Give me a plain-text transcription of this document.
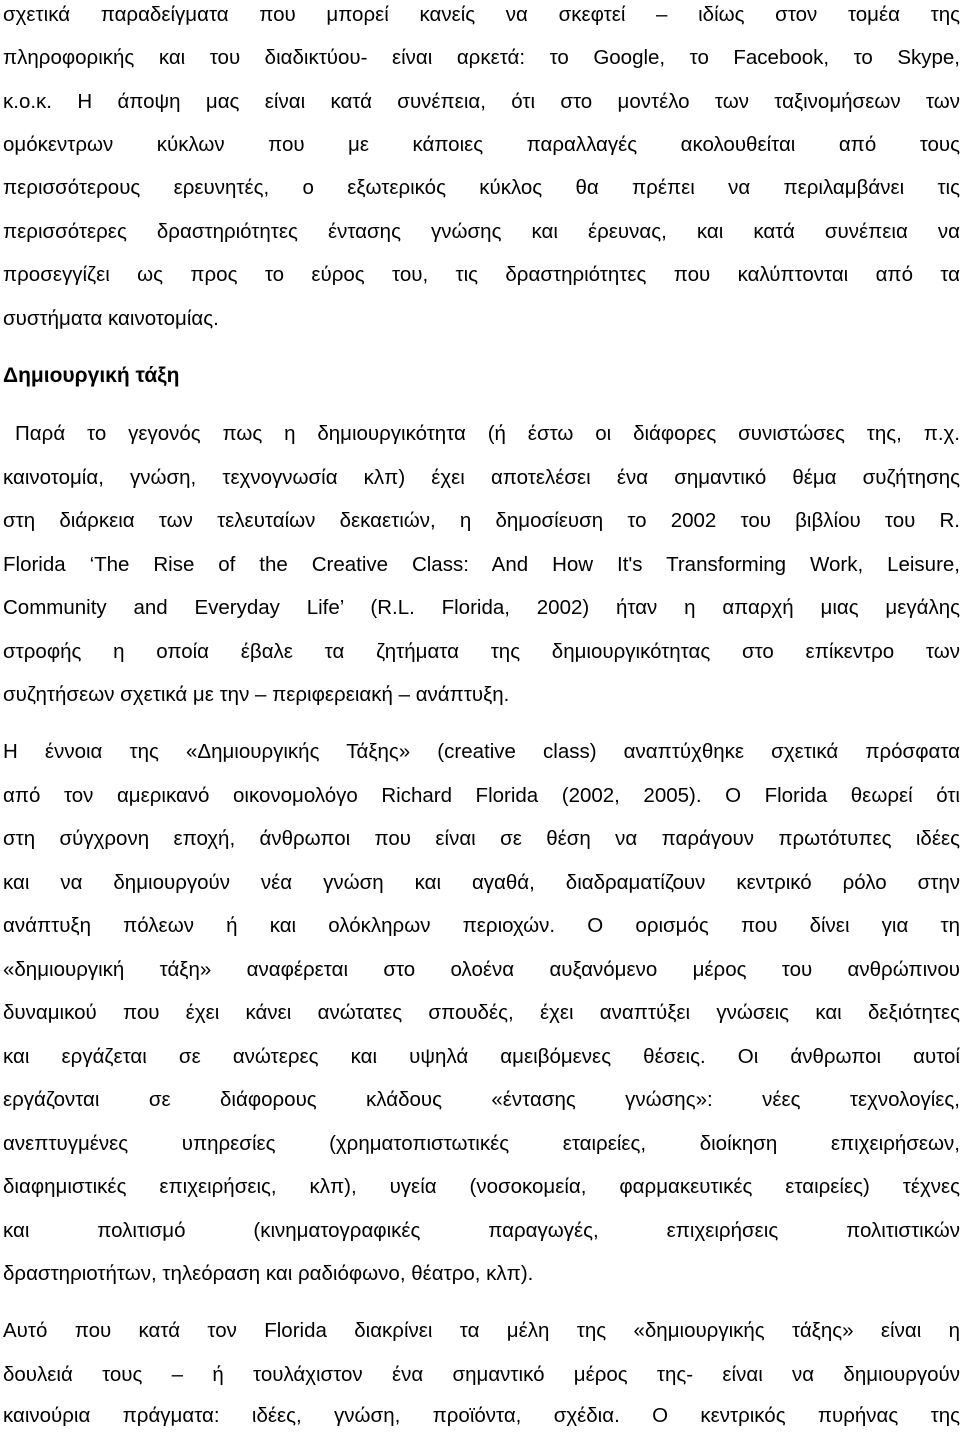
σχετικά παραδείγματα που μπορεί κανείς να σκεφτεί – ιδίως στον τομέα της
πληροφορικής και του διαδικτύου- είναι αρκετά: το Google, το Facebook, το Skype,
κ.ο.κ. Η άποψη μας είναι κατά συνέπεια, ότι στο μοντέλο των ταξινομήσεων των
ομόκεντρων κύκλων που με κάποιες παραλλαγές ακολουθείται από τους
περισσότερους ερευνητές, ο εξωτερικός κύκλος θα πρέπει να περιλαμβάνει τις
περισσότερες δραστηριότητες έντασης γνώσης και έρευνας, και κατά συνέπεια να
προσεγγίζει ως προς το εύρος του, τις δραστηριότητες που καλύπτονται από τα
συστήματα καινοτομίας.
Δημιουργική τάξη
Παρά το γεγονός πως η δημιουργικότητα (ή έστω οι διάφορες συνιστώσες της, π.χ.
καινοτομία, γνώση, τεχνογνωσία κλπ) έχει αποτελέσει ένα σημαντικό θέμα συζήτησης
στη διάρκεια των τελευταίων δεκαετιών, η δημοσίευση το 2002 του βιβλίου του R.
Florida ‘The Rise of the Creative Class: And How It's Transforming Work, Leisure,
Community and Everyday Life’ (R.L. Florida, 2002) ήταν η απαρχή μιας μεγάλης
στροφής η οποία έβαλε τα ζητήματα της δημιουργικότητας στο επίκεντρο των
συζητήσεων σχετικά με την – περιφερειακή – ανάπτυξη.
Η έννοια της «Δημιουργικής Τάξης» (creative class) αναπτύχθηκε σχετικά πρόσφατα
από τον αμερικανό οικονομολόγο Richard Florida (2002, 2005). Ο Florida θεωρεί ότι
στη σύγχρονη εποχή, άνθρωποι που είναι σε θέση να παράγουν πρωτότυπες ιδέες
και να δημιουργούν νέα γνώση και αγαθά, διαδραματίζουν κεντρικό ρόλο στην
ανάπτυξη πόλεων ή και ολόκληρων περιοχών. Ο ορισμός που δίνει για τη
«δημιουργική τάξη» αναφέρεται στο ολοένα αυξανόμενο μέρος του ανθρώπινου
δυναμικού που έχει κάνει ανώτατες σπουδές, έχει αναπτύξει γνώσεις και δεξιότητες
και εργάζεται σε ανώτερες και υψηλά αμειβόμενες θέσεις. Οι άνθρωποι αυτοί
εργάζονται σε διάφορους κλάδους «έντασης γνώσης»: νέες τεχνολογίες,
ανεπτυγμένες υπηρεσίες (χρηματοπιστωτικές εταιρείες, διοίκηση επιχειρήσεων,
διαφημιστικές επιχειρήσεις, κλπ), υγεία (νοσοκομεία, φαρμακευτικές εταιρείες) τέχνες
και πολιτισμό (κινηματογραφικές παραγωγές, επιχειρήσεις πολιτιστικών
δραστηριοτήτων, τηλεόραση και ραδιόφωνο, θέατρο, κλπ).
Αυτό που κατά τον Florida διακρίνει τα μέλη της «δημιουργικής τάξης» είναι η
δουλειά τους – ή τουλάχιστον ένα σημαντικό μέρος της- είναι να δημιουργούν
καινούρια πράγματα: ιδέες, γνώση, προϊόντα, σχέδια. Ο κεντρικός πυρήνας της
